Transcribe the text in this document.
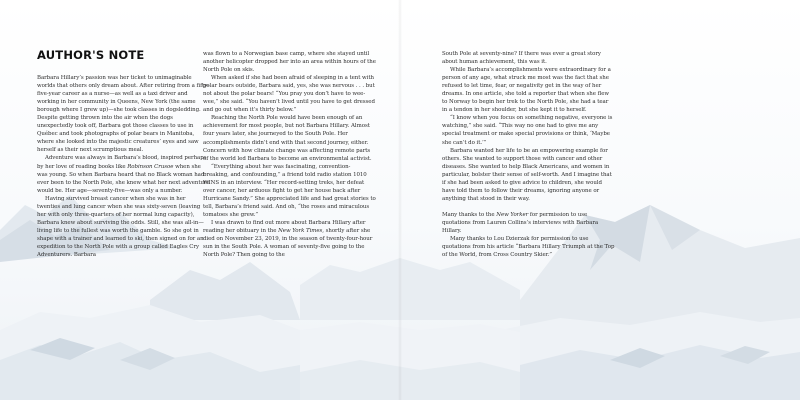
AUTHOR'S NOTE

Barbara Hillary’s passion was her ticket to unimaginable worlds that others only dream about. After retiring from a fifty-five-year career as a nurse—as well as a taxi driver and working in her community in Queens, New York (the same borough where I grew up)—she took classes in dogsledding. Despite getting thrown into the air when the dogs unexpectedly took off, Barbara got those classes to use in Québec and took photographs of polar bears in Manitoba, where she looked into the majestic creatures’ eyes and saw herself as their next scrumptious meal.

Adventure was always in Barbara’s blood, inspired perhaps by her love of reading books like Robinson Crusoe when she was young. So when Barbara heard that no Black woman had ever been to the North Pole, she knew what her next adventure would be. Her age—seventy-five—was only a number.

Having survived breast cancer when she was in her twenties and lung cancer when she was sixty-seven (leaving her with only three-quarters of her normal lung capacity), Barbara knew about surviving the odds. Still, she was all-in—living life to the fullest was worth the gamble. So she got in shape with a trainer and learned to ski, then signed on for an expedition to the North Pole with a group called Eagles Cry Adventurers. Barbara

was flown to a Norwegian base camp, where she stayed until another helicopter dropped her into an area within hours of the North Pole on skis.

When asked if she had been afraid of sleeping in a tent with polar bears outside, Barbara said, yes, she was nervous . . . but not about the polar bears! “You pray you don’t have to wee-wee,” she said. “You haven’t lived until you have to get dressed and go out when it’s thirty below.”

Reaching the North Pole would have been enough of an achievement for most people, but not Barbara Hillary. Almost four years later, she journeyed to the South Pole. Her accomplishments didn’t end with that second journey, either. Concern with how climate change was affecting remote parts of the world led Barbara to become an environmental activist.

“Everything about her was fascinating, convention-breaking, and confounding,” a friend told radio station 1010 WINS in an interview. “Her record-setting treks, her defeat over cancer, her arduous fight to get her house back after Hurricane Sandy.” She appreciated life and had great stories to tell, Barbara’s friend said. And oh, “the roses and miraculous tomatoes she grew.”

I was drawn to find out more about Barbara Hillary after reading her obituary in the New York Times, shortly after she died on November 23, 2019, in the season of twenty-four-hour sun in the South Pole. A woman of seventy-five going to the North Pole? Then going to the

South Pole at seventy-nine? If there was ever a great story about human achievement, this was it.

While Barbara’s accomplishments were extraordinary for a person of any age, what struck me most was the fact that she refused to let time, fear, or negativity get in the way of her dreams. In one article, she told a reporter that when she flew to Norway to begin her trek to the North Pole, she had a tear in a tendon in her shoulder, but she kept it to herself.

“I know when you focus on something negative, everyone is watching,” she said. “This way no one had to give me any special treatment or make special provisions or think, ‘Maybe she can’t do it.’”

Barbara wanted her life to be an empowering example for others. She wanted to support those with cancer and other diseases. She wanted to help Black Americans, and women in particular, bolster their sense of self-worth. And I imagine that if she had been asked to give advice to children, she would have told them to follow their dreams, ignoring anyone or anything that stood in their way.

Many thanks to the New Yorker for permission to use quotations from Lauren Collins’s interviews with Barbara Hillary.

Many thanks to Lou Dzierzak for permission to use quotations from his article “Barbara Hillary Triumph at the Top of the World, from Cross Country Skier.”
